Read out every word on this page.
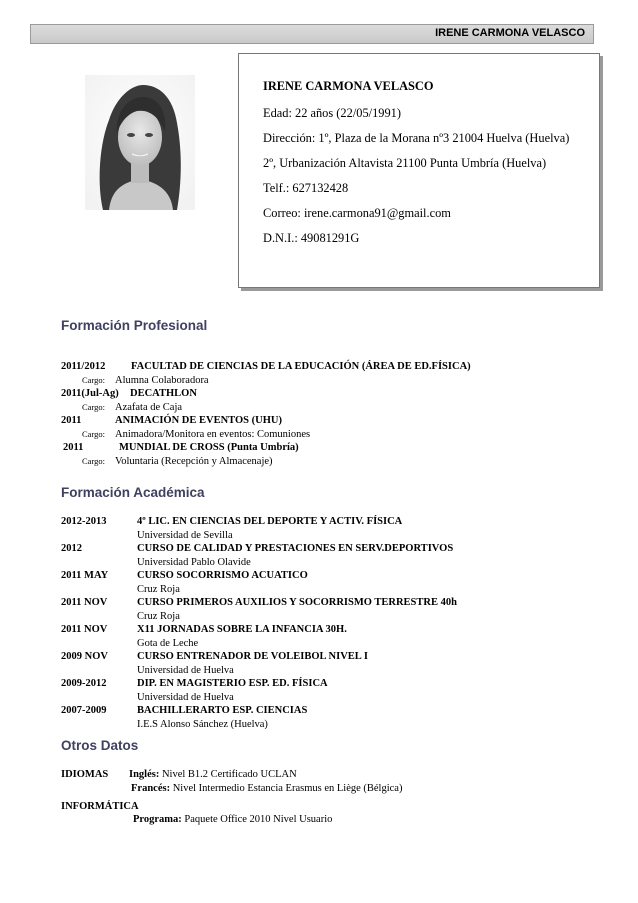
IRENE CARMONA VELASCO

IRENE CARMONA VELASCO

Edad: 22 años (22/05/1991)

Dirección: 1º, Plaza de la Morana nº3 21004 Huelva (Huelva)

2º, Urbanización Altavista 21100 Punta Umbría (Huelva)

Telf.: 627132428

Correo: irene.carmona91@gmail.com

D.N.I.: 49081291G

Formación Profesional
2011/2012	FACULTAD DE CIENCIAS DE LA EDUCACIÓN (ÁREA DE ED.FÍSICA)
Cargo: Alumna Colaboradora
2011(Jul-Ag)	DECATHLON
Cargo: Azafata de Caja
2011	ANIMACIÓN DE EVENTOS (UHU)
Cargo: Animadora/Monitora en eventos: Comuniones
2011	MUNDIAL DE CROSS (Punta Umbría)
Cargo: Voluntaria (Recepción y Almacenaje)
Formación Académica
2012-2013	4º LIC. EN CIENCIAS DEL DEPORTE Y ACTIV. FÍSICA
Universidad de Sevilla
2012	CURSO DE CALIDAD Y PRESTACIONES EN SERV.DEPORTIVOS
Universidad Pablo Olavide
2011 MAY	CURSO SOCORRISMO ACUATICO
Cruz Roja
2011 NOV	CURSO PRIMEROS AUXILIOS Y SOCORRISMO TERRESTRE 40h
Cruz Roja
2011 NOV	X11 JORNADAS SOBRE LA INFANCIA 30H.
Gota de Leche
2009 NOV	CURSO ENTRENADOR DE VOLEIBOL NIVEL I
Universidad de Huelva
2009-2012	DIP. EN MAGISTERIO ESP. ED. FÍSICA
Universidad de Huelva
2007-2009	BACHILLERARTO ESP. CIENCIAS
I.E.S Alonso Sánchez (Huelva)
Otros Datos
IDIOMAS Inglés: Nivel B1.2 Certificado UCLAN
Francés: Nivel Intermedio Estancia Erasmus en Liège (Bélgica)
INFORMÁTICA
Programa: Paquete Office 2010 Nivel Usuario
